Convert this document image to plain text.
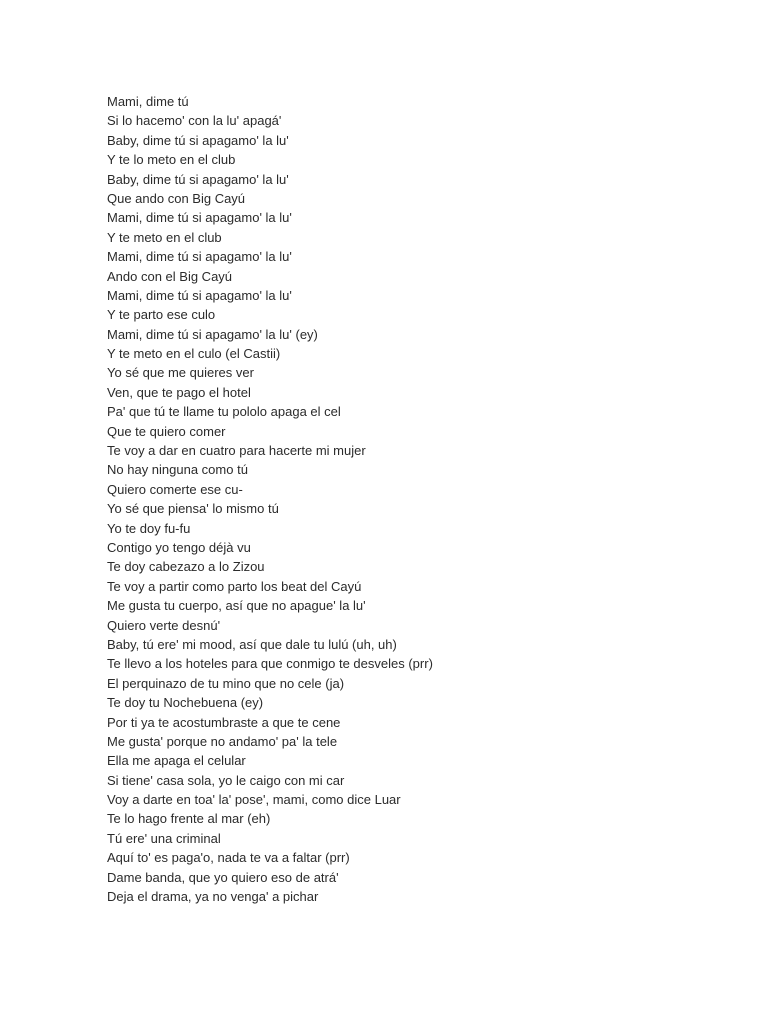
Mami, dime tú
Si lo hacemo' con la lu' apagá'
Baby, dime tú si apagamo' la lu'
Y te lo meto en el club
Baby, dime tú si apagamo' la lu'
Que ando con Big Cayú
Mami, dime tú si apagamo' la lu'
Y te meto en el club
Mami, dime tú si apagamo' la lu'
Ando con el Big Cayú
Mami, dime tú si apagamo' la lu'
Y te parto ese culo
Mami, dime tú si apagamo' la lu' (ey)
Y te meto en el culo (el Castii)
Yo sé que me quieres ver
Ven, que te pago el hotel
Pa' que tú te llame tu pololo apaga el cel
Que te quiero comer
Te voy a dar en cuatro para hacerte mi mujer
No hay ninguna como tú
Quiero comerte ese cu-
Yo sé que piensa' lo mismo tú
Yo te doy fu-fu
Contigo yo tengo déjà vu
Te doy cabezazo a lo Zizou
Te voy a partir como parto los beat del Cayú
Me gusta tu cuerpo, así que no apague' la lu'
Quiero verte desnú'
Baby, tú ere' mi mood, así que dale tu lulú (uh, uh)
Te llevo a los hoteles para que conmigo te desveles (prr)
El perquinazo de tu mino que no cele (ja)
Te doy tu Nochebuena (ey)
Por ti ya te acostumbraste a que te cene
Me gusta' porque no andamo' pa' la tele
Ella me apaga el celular
Si tiene' casa sola, yo le caigo con mi car
Voy a darte en toa' la' pose', mami, como dice Luar
Te lo hago frente al mar (eh)
Tú ere' una criminal
Aquí to' es paga'o, nada te va a faltar (prr)
Dame banda, que yo quiero eso de atrá'
Deja el drama, ya no venga' a pichar
